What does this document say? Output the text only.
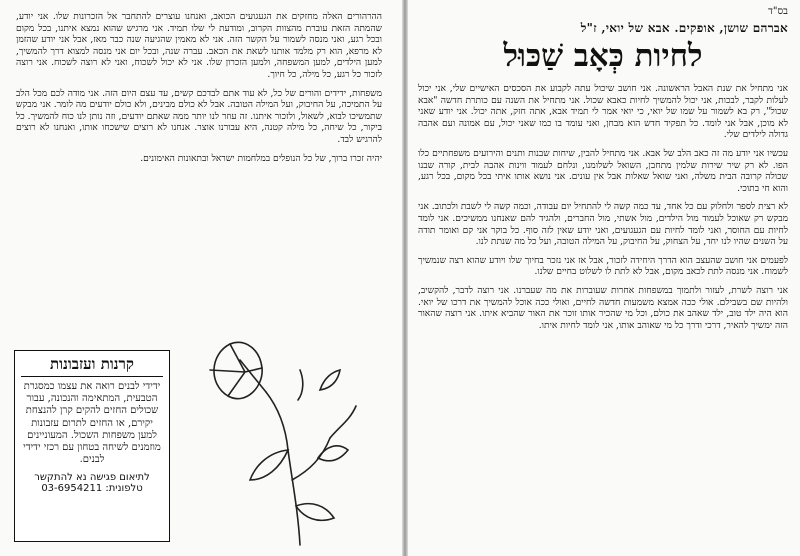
בס"ד
אברהם שושן, אופקים. אבא של יואי, ז"ל
לחיות כְּאָב שַׁכּוּל

אני מתחיל את שנת האבל הראשונה. אני חושב שיכול עתה לקבוע את הסכסים האישיים שלי, אני יכול לעלות לקבר, לבכות, אני יכול להמשיך לחיות כאבא שכול. אני מתחיל את השנה עם כותרת חדשה "אבא שכול", רק בא לשמור על שמו של יואי, כי יואי אמר לי תמיד אבא, אתה חזק, אתה יכול. אני יודע שאני לא מוכן, אבל אני לומד. כל תפקיד חדש הוא מבחן, ואני עומד בו כמו שאני יכול, עם אמונה ועם אהבה גדולה לילדים שלי.

עכשיו אני יודע מה זה כאב הלב של אבא. אני מתחיל להבין, שיחות שבנות ותנים והירועים משפחתיים כלו הפו. לא רק שיר שירות שלמין מתחבן, השואל לשלומנו, ונלחם לעמוד ווינות אהבה לבית, קורה שבנו שכולה קרובה הבית משלה, ואני שואל שאלות אבל אין עונים. אני נושא אותו איתי בכל מקום, בכל רגע, והוא חי בתוכי.

לא רצית לספר ולחלוק עם כל אחד, עד כמה קשה לי להתחיל יום עבודה, וכמה קשה לי לשבת ולכתוב. אני מבקש רק שאוכל לעמוד מול הילדים, מול אשתי, מול החברים, ולהגיד להם שאנחנו ממשיכים. אני לומד לחיות עם החוסר, ואני לומד לחיות עם הגעגועים, ואני יודע שאין לזה סוף. כל בוקר אני קם ואומר תודה על השנים שהיו לנו יחד, על הצחוק, על החיבוק, על המילה הטובה, ועל כל מה שנתת לנו.

לפעמים אני חושב שהעצב הוא הדרך היחידה לזכור, אבל אז אני נזכר בחיוך שלו ויודע שהוא רצה שנמשיך לשמוח. אני מנסה לתת לכאב מקום, אבל לא לתת לו לשלוט בחיים שלנו.

אני רוצה לשרת, לעזור ולתמוך במשפחות אחרות שעוברות את מה שעברנו. אני רוצה לדבר, להקשיב, ולהיות שם בשבילם. אולי ככה אמצא משמעות חדשה לחיים, ואולי ככה אוכל להמשיך את דרכו של יואי. הוא היה ילד טוב, ילד שאהב את כולם, וכל מי שהכיר אותו זוכר את האור שהביא איתו. אני רוצה שהאור הזה ימשיך להאיר, דרכי ודרך כל מי שאוהב אותו, אני לומד לחיות איתו.

ההרהורים האלה מחזקים את הגעגועים הכואב, ואנחנו עוצרים להתחבר אל הזכרונות שלו. אני יודע, שהמתה הזאת עוברת מהצוות הקרוב, ומודעת לי שלו תמיד. אני מרגיש שהוא נמצא איתנו, בכל מקום ובכל רגע, ואני מנסה לשמור על הקשר הזה. אני לא מאמין שהגיעה שנה כבר מאז, אבל אני יודע שהזמן לא מרפא, הוא רק מלמד אותנו לשאת את הכאב. עברה שנה, ובכל יום אני מנסה למצוא דרך להמשיך, למען הילדים, למען המשפחה, ולמען הזכרון שלו. אני לא יכול לשכוח, ואני לא רוצה לשכוח. אני רוצה לזכור כל רגע, כל מילה, כל חיוך.

משפחות, ידידים והורים של כל, לא עוד אתם לבדכם קשים, עד עצם היום הזה. אני מודה לכם מכל הלב על התמיכה, על החיבוק, ועל המילה הטובה. אבל לא כולם מבינים, ולא כולם יודעים מה לומר. אני מבקש שתמשיכו לבוא, לשאול, ולזכור איתנו. זה עוזר לנו יותר ממה שאתם יודעים, וזה נותן לנו כוח להמשיך. כל ביקור, כל שיחה, כל מילה קטנה, היא עבורנו אוצר. אנחנו לא רוצים שישכחו אותו, ואנחנו לא רוצים להרגיש לבד.

יהיה זכרו ברוך, של כל הנופלים במלחמות ישראל ובתאונות האימונים.

קרנות ועזבונות

ידידי לבנים רואה את עצמו כמסגרת הטבעית, המתאימה והנכונה, עבור שכולים החזים להקים קרן להנצחת יקירם, או החזים לתרום עזבונות למען משפחות השכול. המעוניינים מוזמנים לשיחה בטחון עם רכזי ידידי לבנים.

לתיאום פגישה נא להתקשר
טלפונית: 03-6954211
